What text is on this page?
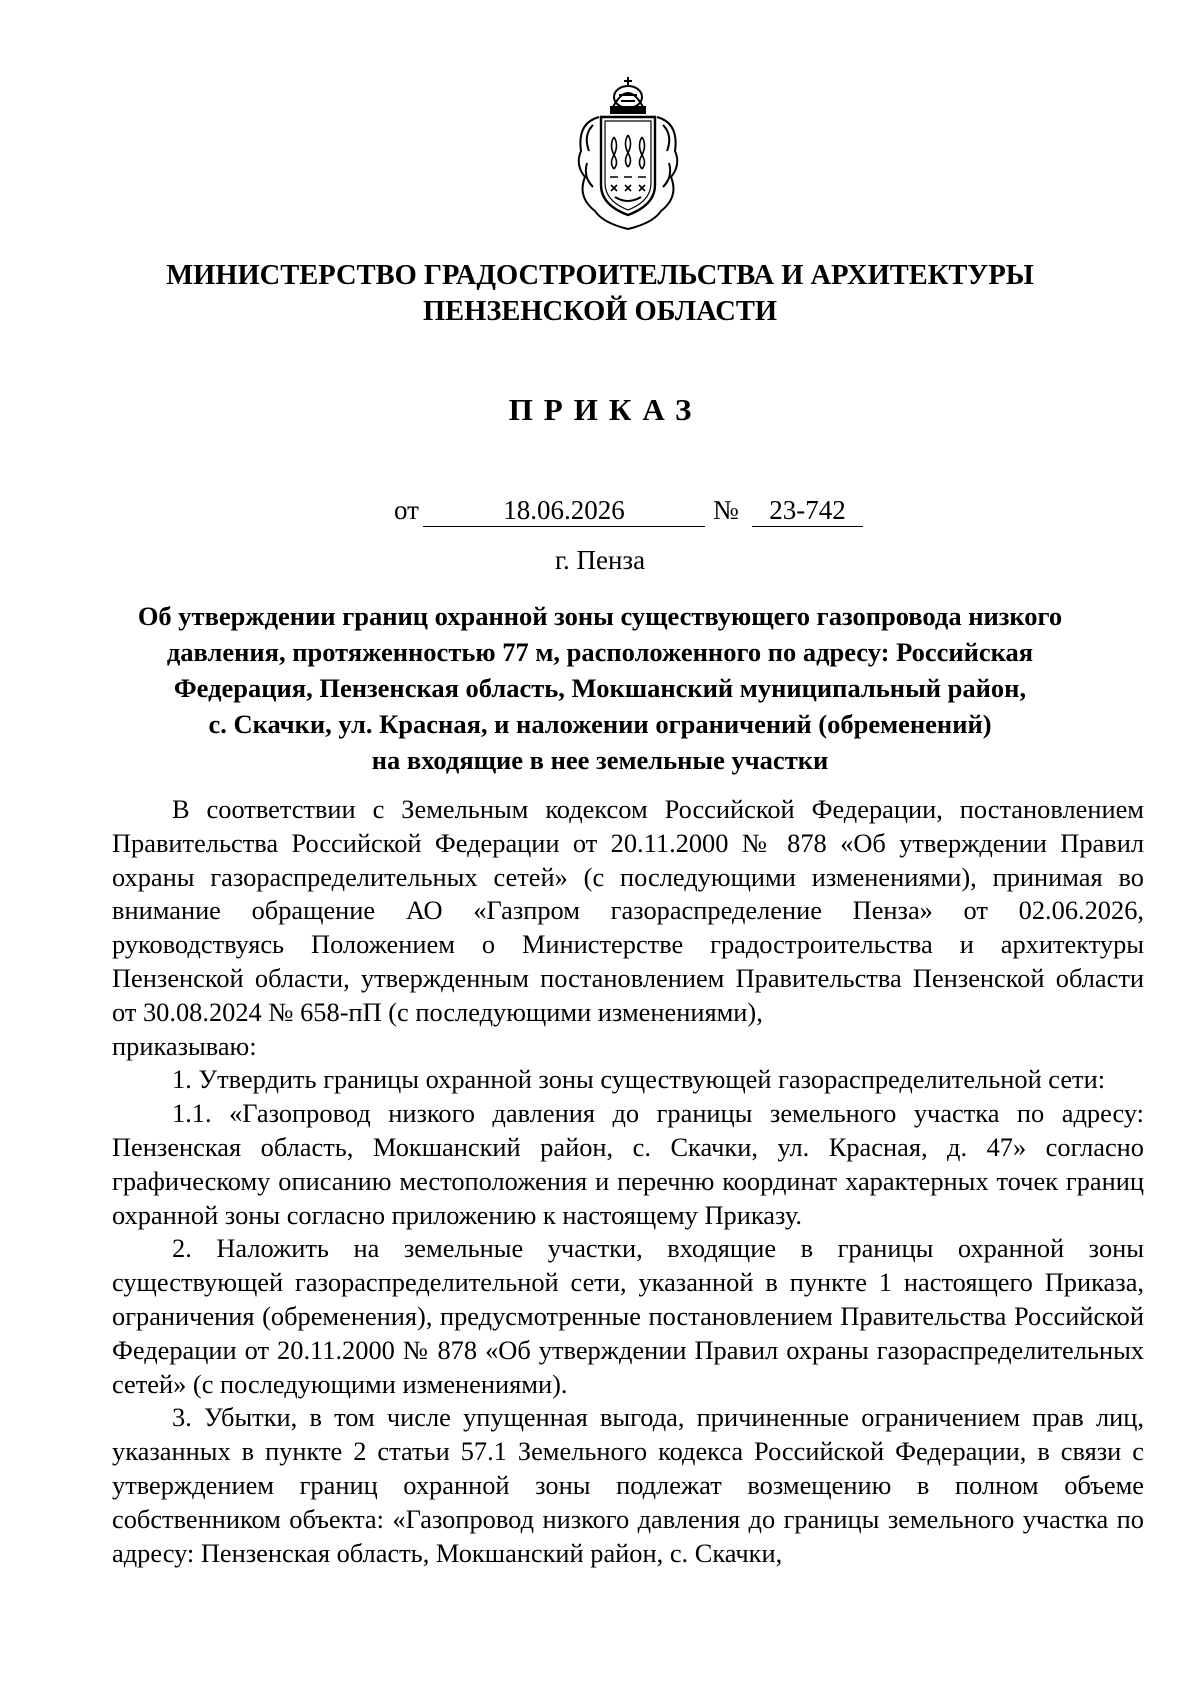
МИНИСТЕРСТВО ГРАДОСТРОИТЕЛЬСТВА И АРХИТЕКТУРЫ
ПЕНЗЕНСКОЙ ОБЛАСТИ
ПРИКАЗ
от	18.06.2026	№	23-742
г. Пенза
Об утверждении границ охранной зоны существующего газопровода низкого
давления, протяженностью 77 м, расположенного по адресу: Российская
Федерация, Пензенская область, Мокшанский муниципальный район,
с. Скачки, ул. Красная, и наложении ограничений (обременений)
на входящие в нее земельные участки

В соответствии с Земельным кодексом Российской Федерации, постановлением Правительства Российской Федерации от 20.11.2000 № 878 «Об утверждении Правил охраны газораспределительных сетей» (с последующими изменениями), принимая во внимание обращение АО «Газпром газораспределение Пенза» от 02.06.2026, руководствуясь Положением о Министерстве градостроительства и архитектуры Пензенской области, утвержденным постановлением Правительства Пензенской области от 30.08.2024 № 658-пП (с последующими изменениями),

приказываю:

1. Утвердить границы охранной зоны существующей газораспределительной сети:

1.1. «Газопровод низкого давления до границы земельного участка по адресу: Пензенская область, Мокшанский район, с. Скачки, ул. Красная, д. 47» согласно графическому описанию местоположения и перечню координат характерных точек границ охранной зоны согласно приложению к настоящему Приказу.

2. Наложить на земельные участки, входящие в границы охранной зоны существующей газораспределительной сети, указанной в пункте 1 настоящего Приказа, ограничения (обременения), предусмотренные постановлением Правительства Российской Федерации от 20.11.2000 № 878 «Об утверждении Правил охраны газораспределительных сетей» (с последующими изменениями).

3. Убытки, в том числе упущенная выгода, причиненные ограничением прав лиц, указанных в пункте 2 статьи 57.1 Земельного кодекса Российской Федерации, в связи с утверждением границ охранной зоны подлежат возмещению в полном объеме собственником объекта: «Газопровод низкого давления до границы земельного участка по адресу: Пензенская область, Мокшанский район, с. Скачки,
